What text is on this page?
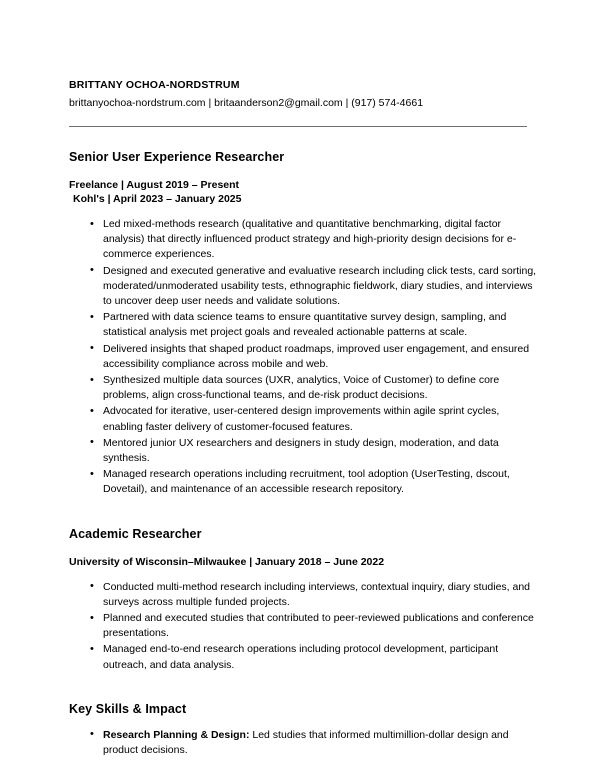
BRITTANY OCHOA-NORDSTRUM
brittanyochoa-nordstrum.com | britaanderson2@gmail.com | (917) 574-4661
Senior User Experience Researcher
Freelance | August 2019 – Present
Kohl's | April 2023 – January 2025
• Led mixed-methods research (qualitative and quantitative benchmarking, digital factor analysis) that directly influenced product strategy and high-priority design decisions for e-commerce experiences.
• Designed and executed generative and evaluative research including click tests, card sorting, moderated/unmoderated usability tests, ethnographic fieldwork, diary studies, and interviews to uncover deep user needs and validate solutions.
• Partnered with data science teams to ensure quantitative survey design, sampling, and statistical analysis met project goals and revealed actionable patterns at scale.
• Delivered insights that shaped product roadmaps, improved user engagement, and ensured accessibility compliance across mobile and web.
• Synthesized multiple data sources (UXR, analytics, Voice of Customer) to define core problems, align cross-functional teams, and de-risk product decisions.
• Advocated for iterative, user-centered design improvements within agile sprint cycles, enabling faster delivery of customer-focused features.
• Mentored junior UX researchers and designers in study design, moderation, and data synthesis.
• Managed research operations including recruitment, tool adoption (UserTesting, dscout, Dovetail), and maintenance of an accessible research repository.
Academic Researcher
University of Wisconsin–Milwaukee | January 2018 – June 2022
• Conducted multi-method research including interviews, contextual inquiry, diary studies, and surveys across multiple funded projects.
• Planned and executed studies that contributed to peer-reviewed publications and conference presentations.
• Managed end-to-end research operations including protocol development, participant outreach, and data analysis.
Key Skills & Impact
• Research Planning & Design: Led studies that informed multimillion-dollar design and product decisions.
